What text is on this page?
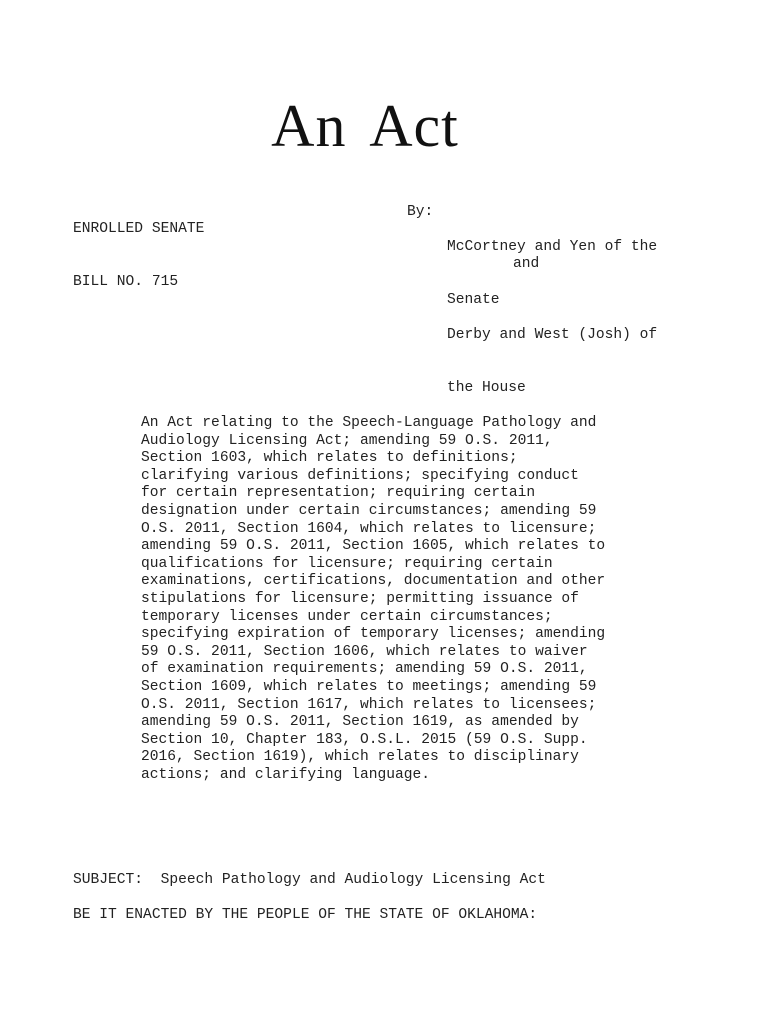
An Act

ENROLLED SENATE

BILL NO. 715

By:

McCortney and Yen of the

Senate

and

Derby and West (Josh) of

the House

An Act relating to the Speech-Language Pathology and
Audiology Licensing Act; amending 59 O.S. 2011,
Section 1603, which relates to definitions;
clarifying various definitions; specifying conduct
for certain representation; requiring certain
designation under certain circumstances; amending 59
O.S. 2011, Section 1604, which relates to licensure;
amending 59 O.S. 2011, Section 1605, which relates to
qualifications for licensure; requiring certain
examinations, certifications, documentation and other
stipulations for licensure; permitting issuance of
temporary licenses under certain circumstances;
specifying expiration of temporary licenses; amending
59 O.S. 2011, Section 1606, which relates to waiver
of examination requirements; amending 59 O.S. 2011,
Section 1609, which relates to meetings; amending 59
O.S. 2011, Section 1617, which relates to licensees;
amending 59 O.S. 2011, Section 1619, as amended by
Section 10, Chapter 183, O.S.L. 2015 (59 O.S. Supp.
2016, Section 1619), which relates to disciplinary
actions; and clarifying language.
SUBJECT: Speech Pathology and Audiology Licensing Act
BE IT ENACTED BY THE PEOPLE OF THE STATE OF OKLAHOMA:
